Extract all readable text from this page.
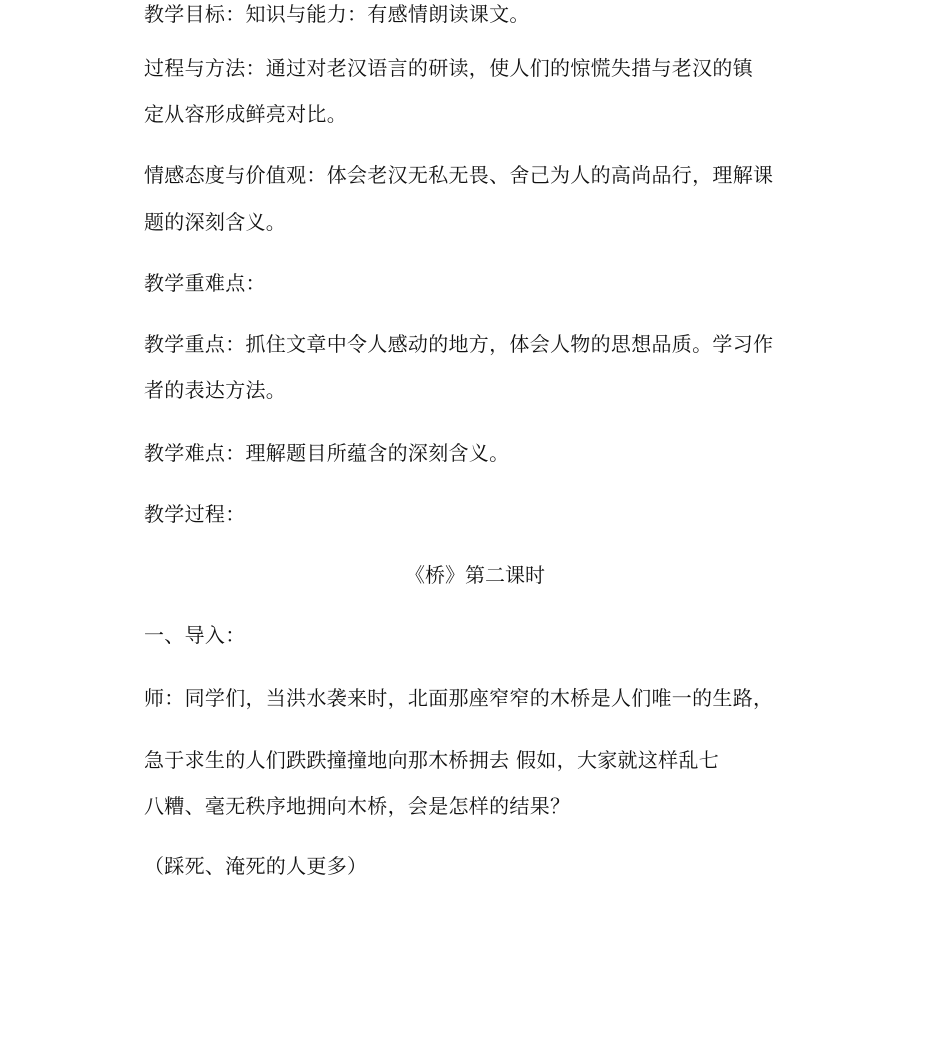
教学目标：知识与能力：有感情朗读课文。
过程与方法：通过对老汉语言的研读，使人们的惊慌失措与老汉的镇
定从容形成鲜亮对比。
情感态度与价值观：体会老汉无私无畏、舍己为人的高尚品行，理解课
题的深刻含义。
教学重难点：
教学重点：抓住文章中令人感动的地方，体会人物的思想品质。学习作
者的表达方法。
教学难点：理解题目所蕴含的深刻含义。
教学过程：
《桥》第二课时
一、导入：
师：同学们，当洪水袭来时，北面那座窄窄的木桥是人们唯一的生路，
急于求生的人们跌跌撞撞地向那木桥拥去 假如，大家就这样乱七
八糟、毫无秩序地拥向木桥，会是怎样的结果？
（踩死、淹死的人更多）
